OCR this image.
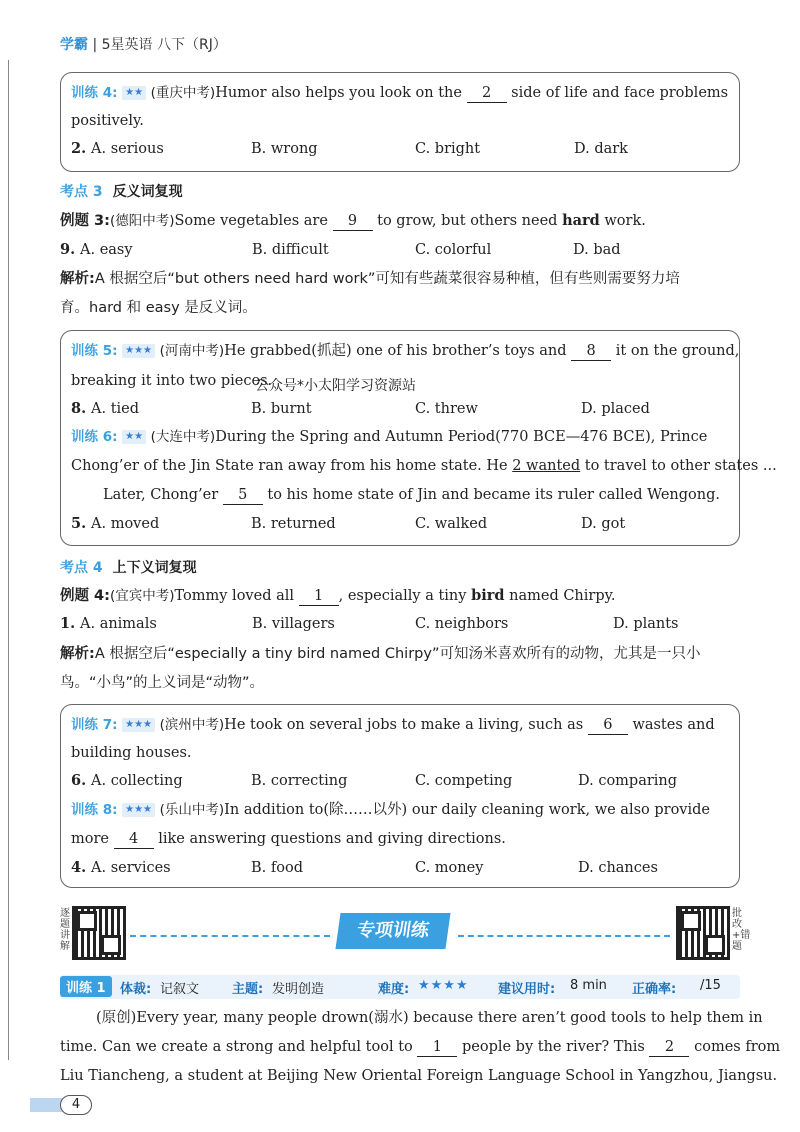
学霸 | 5星英语 八下（RJ）
训练 4: ★★ (重庆中考)Humor also helps you look on the 2 side of life and face problems
positively.
2. A. serious	B. wrong	C. bright	D. dark
考点 3 反义词复现
例题 3:(德阳中考)Some vegetables are 9 to grow, but others need hard work.
9. A. easy	B. difficult	C. colorful	D. bad
解析:A 根据空后“but others need hard work”可知有些蔬菜很容易种植，但有些则需要努力培
育。hard 和 easy 是反义词。
训练 5: ★★★ (河南中考)He grabbed(抓起) one of his brother’s toys and 8 it on the ground,
breaking it into two pieces.
8. A. tied	B. burnt	C. threw	D. placed
训练 6: ★★ (大连中考)During the Spring and Autumn Period(770 BCE—476 BCE), Prince
Chong’er of the Jin State ran away from his home state. He 2 wanted to travel to other states ...
Later, Chong’er 5 to his home state of Jin and became its ruler called Wengong.
5. A. moved	B. returned	C. walked	D. got
公众号*小太阳学习资源站
考点 4 上下义词复现
例题 4:(宜宾中考)Tommy loved all 1 , especially a tiny bird named Chirpy.
1. A. animals	B. villagers	C. neighbors	D. plants
解析:A 根据空后“especially a tiny bird named Chirpy”可知汤米喜欢所有的动物，尤其是一只小
鸟。“小鸟”的上义词是“动物”。
训练 7: ★★★ (滨州中考)He took on several jobs to make a living, such as 6 wastes and
building houses.
6. A. collecting	B. correcting	C. competing	D. comparing
训练 8: ★★★ (乐山中考)In addition to(除……以外) our daily cleaning work, we also provide
more 4 like answering questions and giving directions.
4. A. services	B. food	C. money	D. chances
逐题讲解
专项训练
批改+错题
训练 1	体裁: 记叙文	主题: 发明创造	难度: ★★★★ 建议用时: 8 min 正确率: /15
(原创)Every year, many people drown(溺水) because there aren’t good tools to help them in
time. Can we create a strong and helpful tool to 1 people by the river? This 2 comes from
Liu Tiancheng, a student at Beijing New Oriental Foreign Language School in Yangzhou, Jiangsu.
4
